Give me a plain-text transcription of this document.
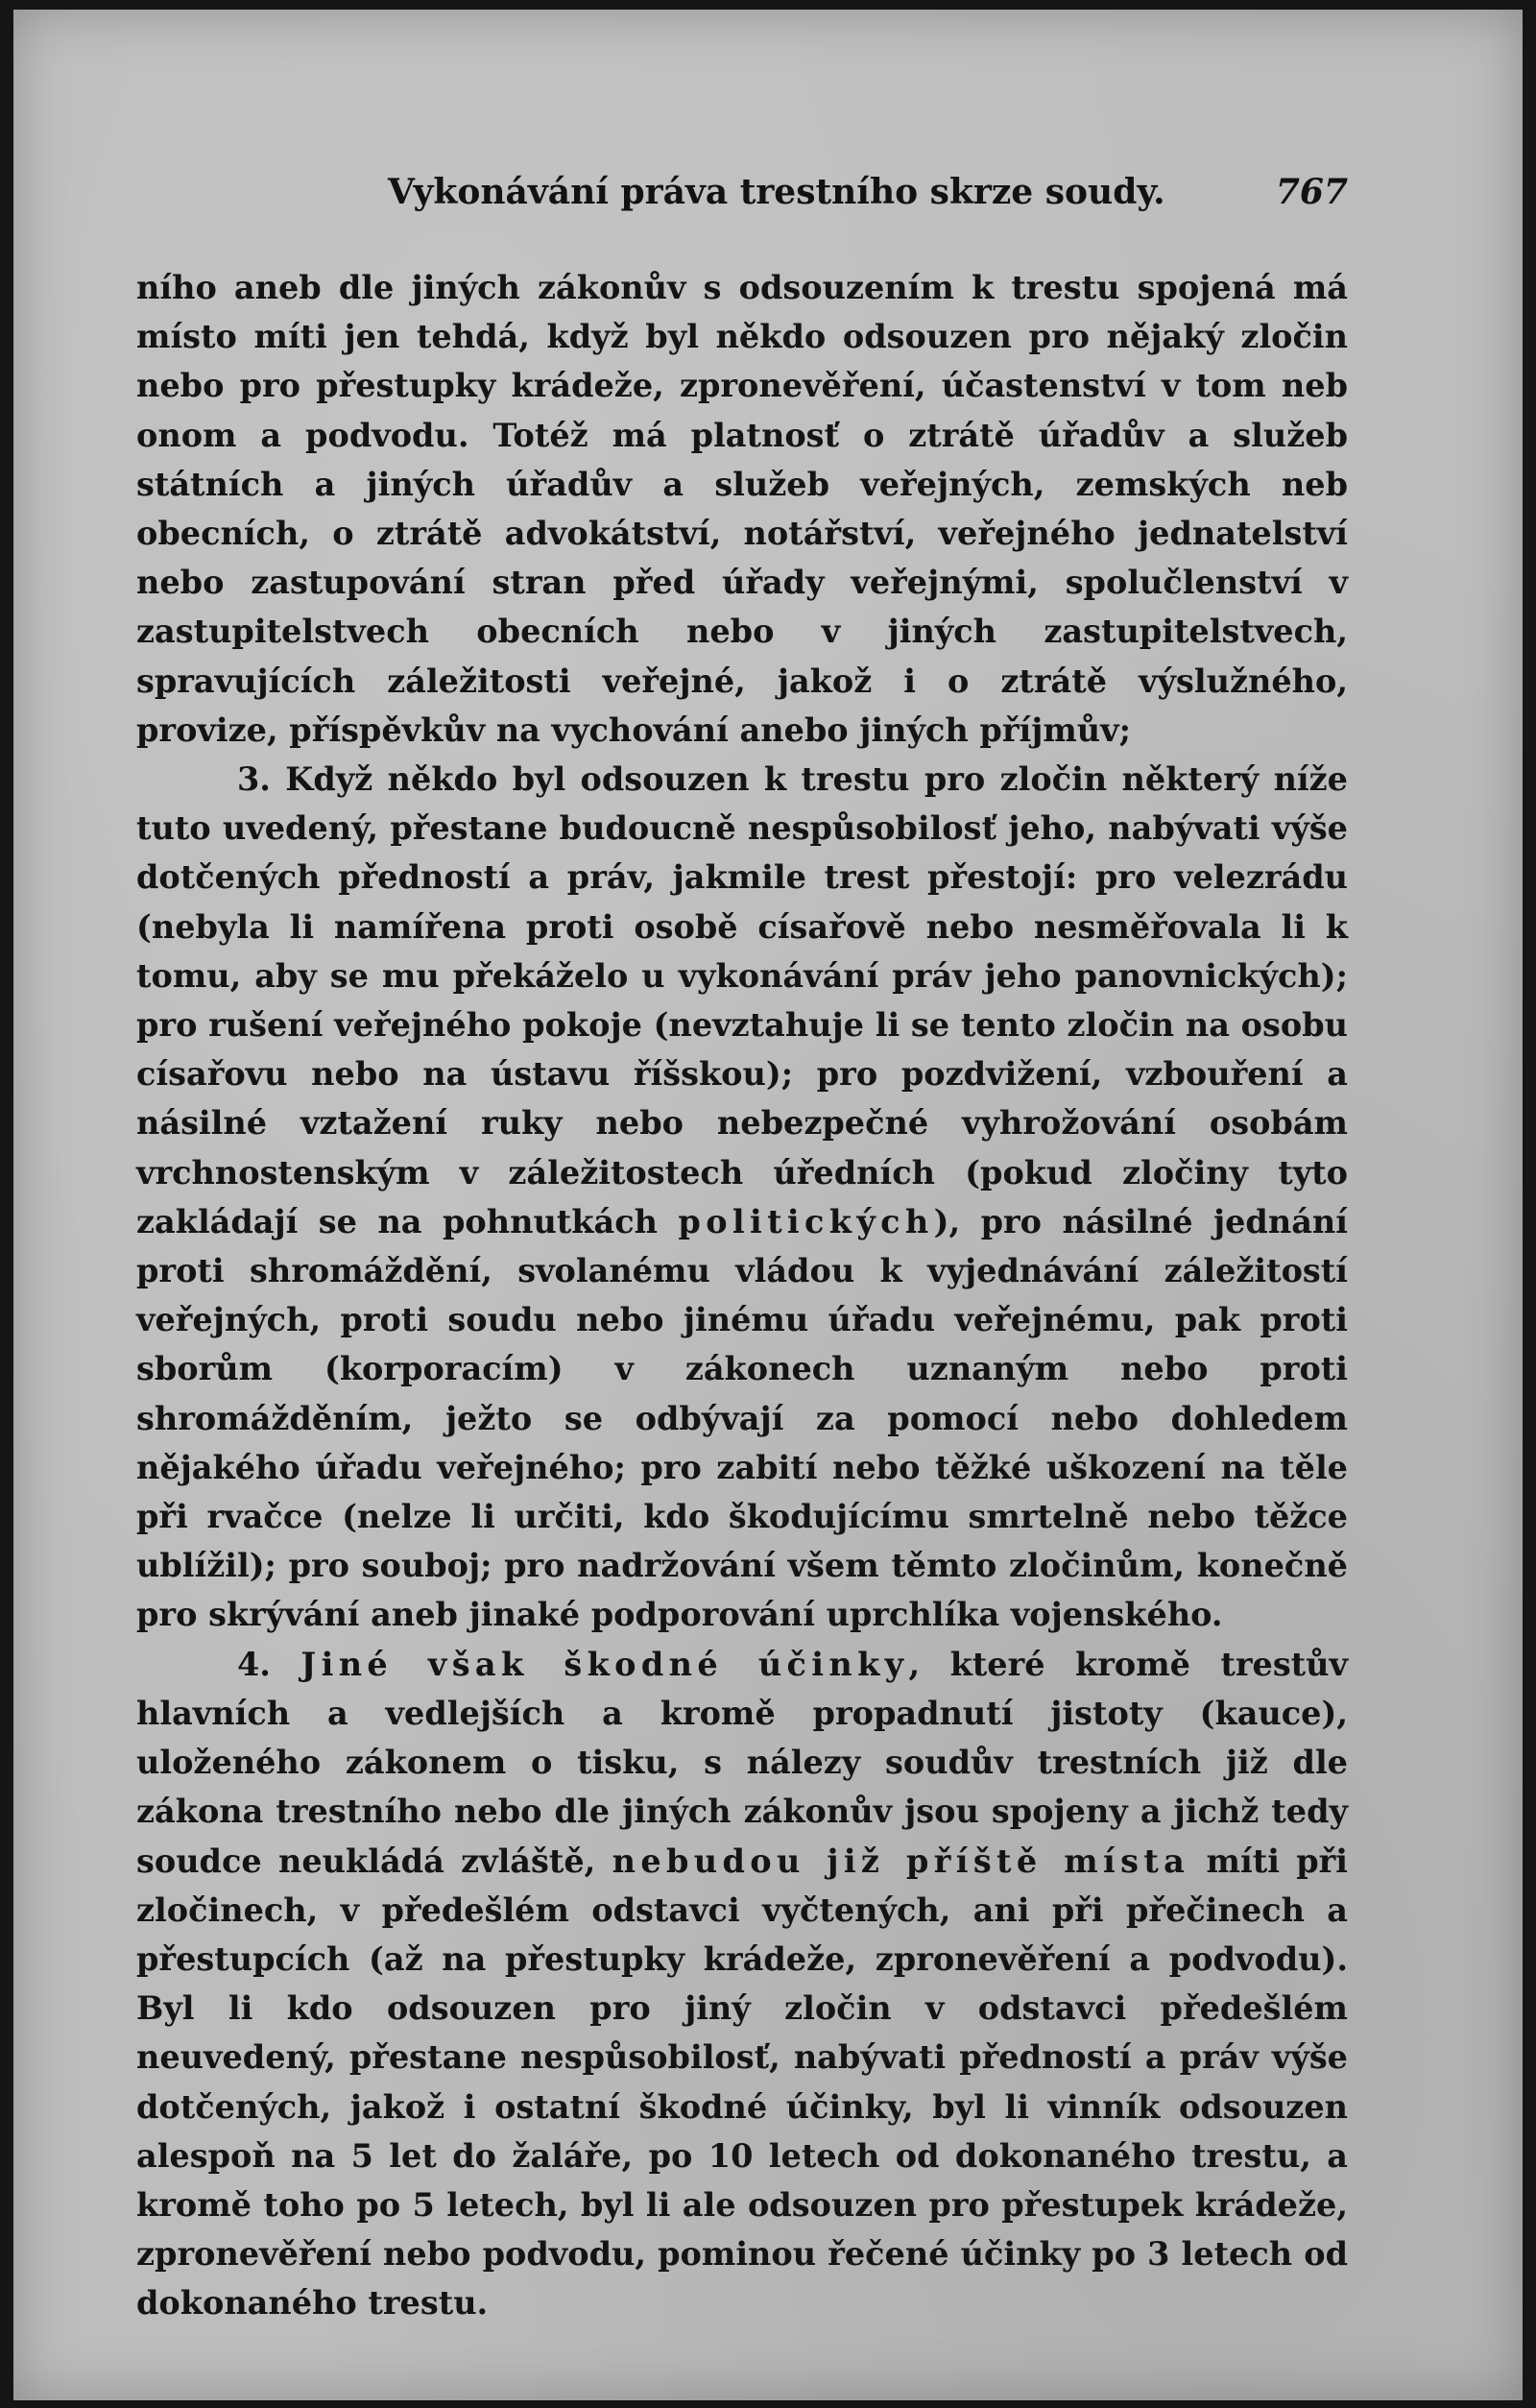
Vykonávání práva trestního skrze soudy.	767

ního aneb dle jiných zákonův s odsouzením k trestu spojená má místo míti jen tehdá, když byl někdo odsouzen pro nějaký zločin nebo pro přestupky krádeže, zpronevěření, účastenství v tom neb onom a podvodu. Totéž má platnosť o ztrátě úřadův a služeb státních a jiných úřadův a služeb veřejných, zemských neb obecních, o ztrátě advokátství, notářství, veřejného jednatelství nebo zastupování stran před úřady veřejnými, spolučlenství v zastupitelstvech obecních nebo v jiných zastupitelstvech, spravujících záležitosti veřejné, jakož i o ztrátě výslužného, provize, příspěvkův na vychování anebo jiných příjmův;

3. Když někdo byl odsouzen k trestu pro zločin některý níže tuto uvedený, přestane budoucně nespůsobilosť jeho, nabývati výše dotčených předností a práv, jakmile trest přestojí: pro velezrádu (nebyla li namířena proti osobě císařově nebo nesměřovala li k tomu, aby se mu překáželo u vykonávání práv jeho panovnických); pro rušení veřejného pokoje (nevztahuje li se tento zločin na osobu císařovu nebo na ústavu říšskou); pro pozdvižení, vzbouření a násilné vztažení ruky nebo nebezpečné vyhrožování osobám vrchnostenským v záležitostech úředních (pokud zločiny tyto zakládají se na pohnutkách politických), pro násilné jednání proti shromáždění, svolanému vládou k vyjednávání záležitostí veřejných, proti soudu nebo jinému úřadu veřejnému, pak proti sborům (korporacím) v zákonech uznaným nebo proti shromážděním, ježto se odbývají za pomocí nebo dohledem nějakého úřadu veřejného; pro zabití nebo těžké uškození na těle při rvačce (nelze li určiti, kdo škodujícímu smrtelně nebo těžce ublížil); pro souboj; pro nadržování všem těmto zločinům, konečně pro skrývání aneb jinaké podporování uprchlíka vojenského.

4. Jiné však škodné účinky, které kromě trestův hlavních a vedlejších a kromě propadnutí jistoty (kauce), uloženého zákonem o tisku, s nálezy soudův trestních již dle zákona trestního nebo dle jiných zákonův jsou spojeny a jichž tedy soudce neukládá zvláště, nebudou již příště místa míti při zločinech, v předešlém odstavci vyčtených, ani při přečinech a přestupcích (až na přestupky krádeže, zpronevěření a podvodu). Byl li kdo odsouzen pro jiný zločin v odstavci předešlém neuvedený, přestane nespůsobilosť, nabývati předností a práv výše dotčených, jakož i ostatní škodné účinky, byl li vinník odsouzen alespoň na 5 let do žaláře, po 10 letech od dokonaného trestu, a kromě toho po 5 letech, byl li ale odsouzen pro přestupek krádeže, zpronevěření nebo podvodu, pominou řečené účinky po 3 letech od dokonaného trestu.
